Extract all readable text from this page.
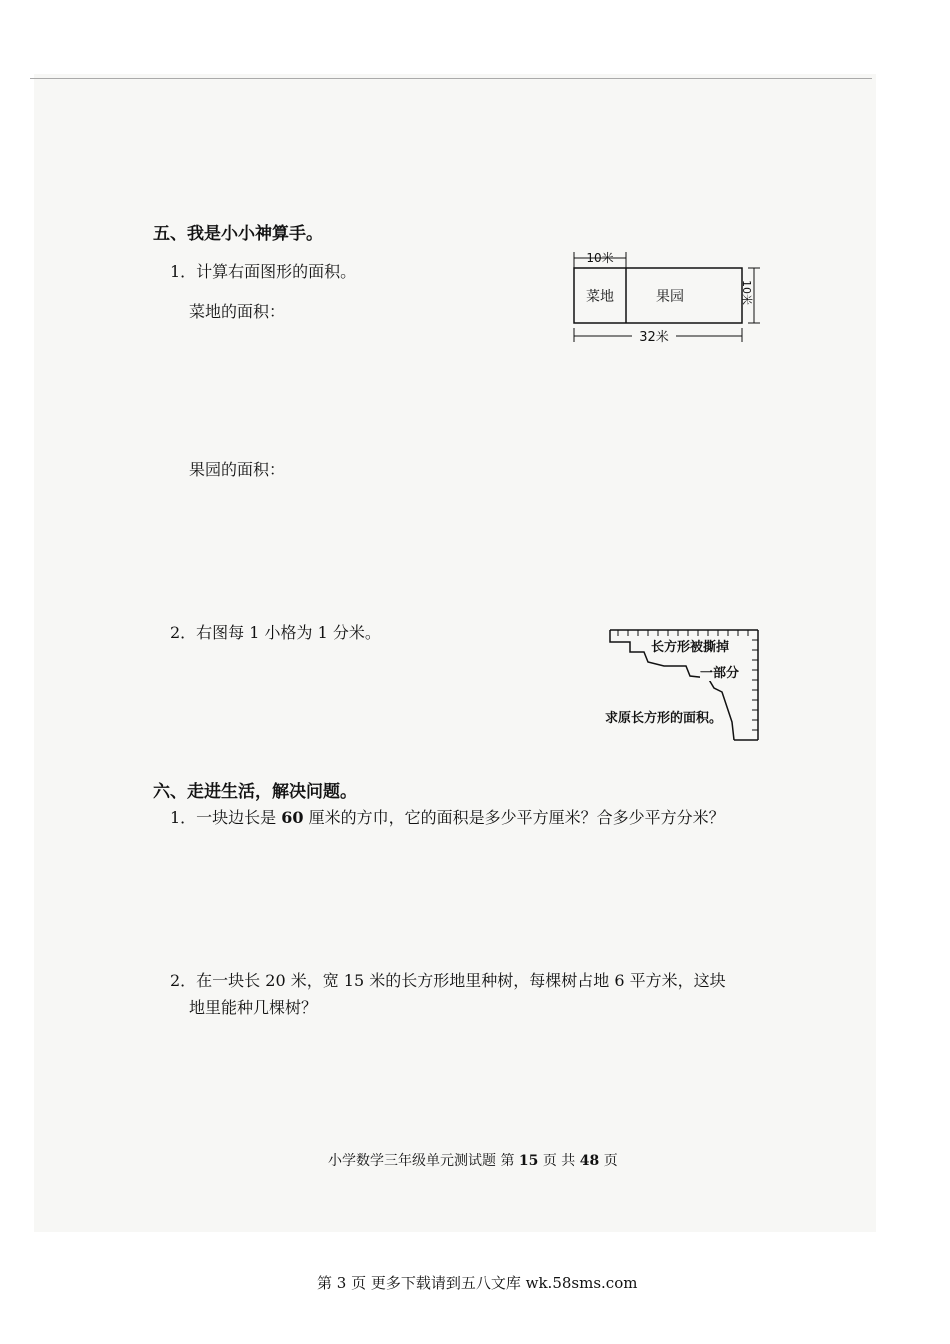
五、我是小小神算手。
1．计算右面图形的面积。
菜地的面积：
10米
菜地	果园	10米
32米
果园的面积：
2．右图每 1 小格为 1 分米。
长方形被撕掉
一部分
求原长方形的面积。
六、走进生活，解决问题。
1．一块边长是 60 厘米的方巾，它的面积是多少平方厘米？合多少平方分米？
2．在一块长 20 米，宽 15 米的长方形地里种树，每棵树占地 6 平方米，这块
地里能种几棵树？
小学数学三年级单元测试题 第 15 页 共 48 页
第 3 页 更多下载请到五八文库 wk.58sms.com
